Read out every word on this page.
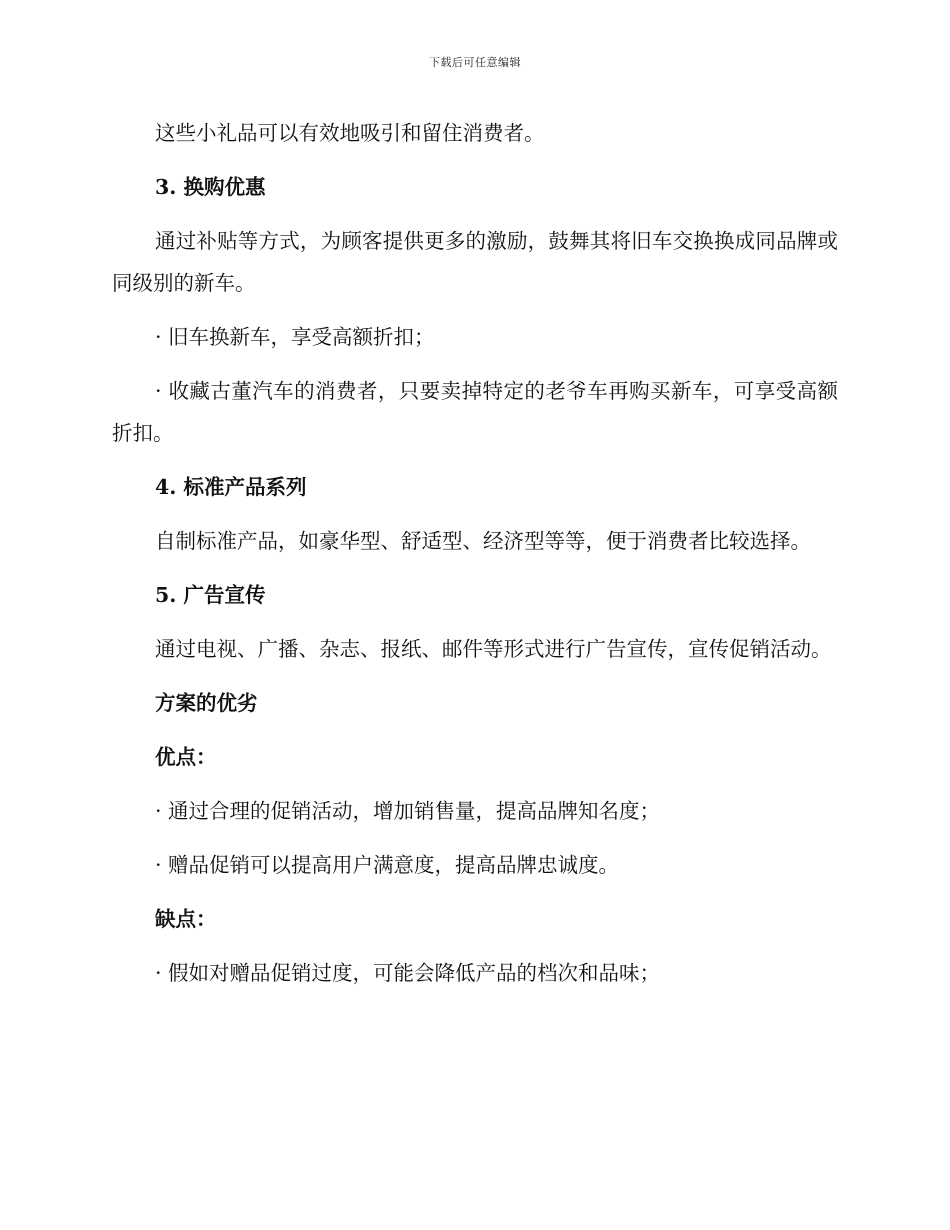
下载后可任意编辑

这些小礼品可以有效地吸引和留住消费者。

3. 换购优惠

通过补贴等方式，为顾客提供更多的激励，鼓舞其将旧车交换换成同品牌或同级别的新车。

· 旧车换新车，享受高额折扣；

· 收藏古董汽车的消费者，只要卖掉特定的老爷车再购买新车，可享受高额折扣。

4. 标准产品系列

自制标准产品，如豪华型、舒适型、经济型等等，便于消费者比较选择。

5. 广告宣传

通过电视、广播、杂志、报纸、邮件等形式进行广告宣传，宣传促销活动。

方案的优劣

优点：

· 通过合理的促销活动，增加销售量，提高品牌知名度；

· 赠品促销可以提高用户满意度，提高品牌忠诚度。

缺点：

· 假如对赠品促销过度，可能会降低产品的档次和品味；
